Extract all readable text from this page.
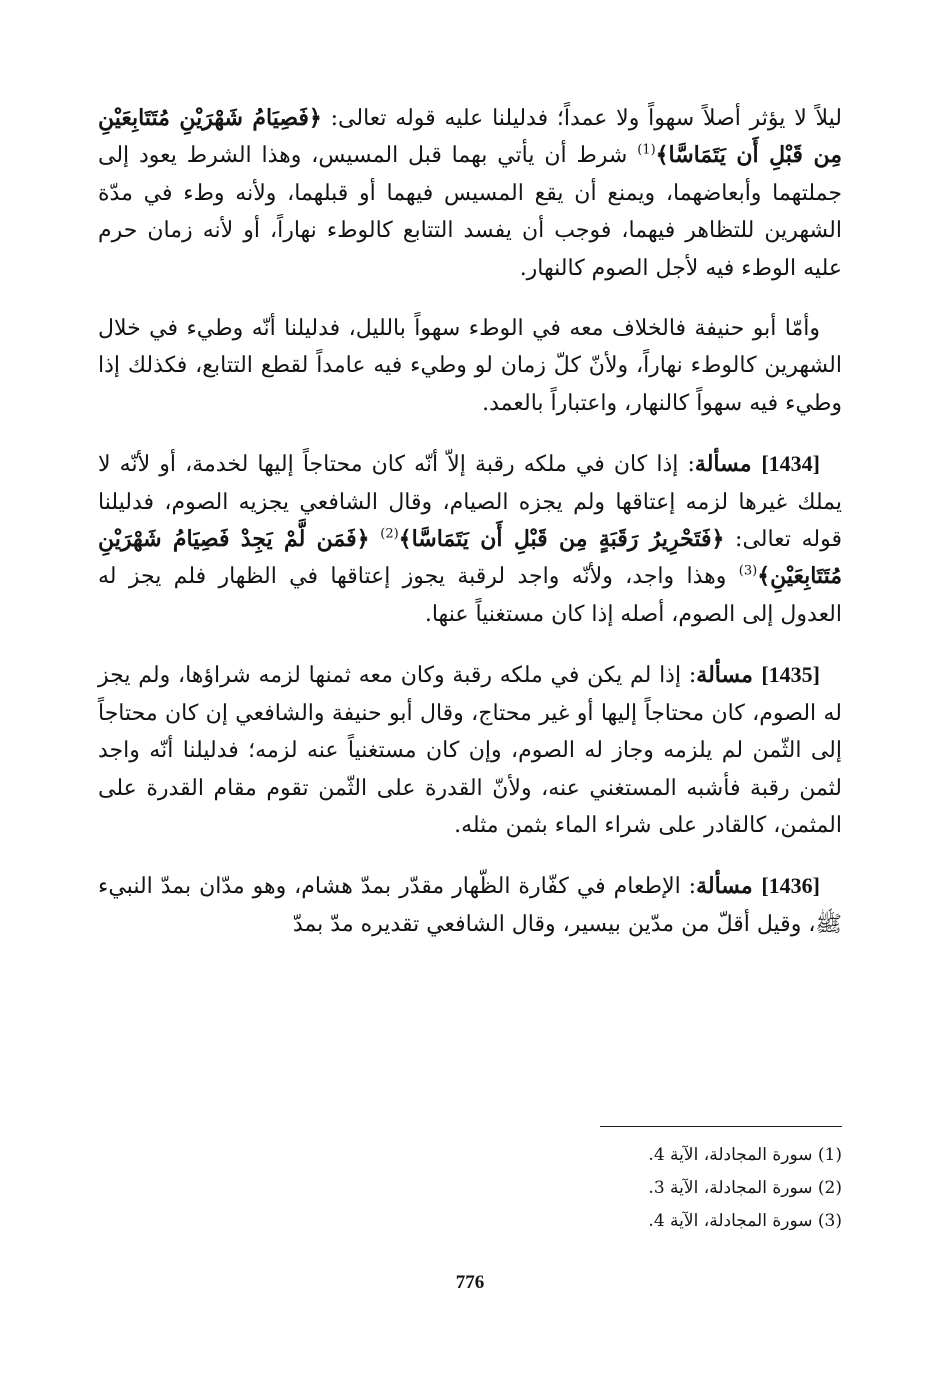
ليلاً لا يؤثر أصلاً سهواً ولا عمداً؛ فدليلنا عليه قوله تعالى: ﴿فَصِيَامُ شَهْرَيْنِ مُتَتَابِعَيْنِ مِن قَبْلِ أَن يَتَمَاسَّا﴾$^{(1)}$ شرط أن يأتي بهما قبل المسيس، وهذا الشرط يعود إلى جملتهما وأبعاضهما، ويمنع أن يقع المسيس فيهما أو قبلهما، ولأنه وطء في مدّة الشهرين للتظاهر فيهما، فوجب أن يفسد التتابع كالوطء نهاراً، أو لأنه زمان حرم عليه الوطء فيه لأجل الصوم كالنهار.

وأمّا أبو حنيفة فالخلاف معه في الوطء سهواً بالليل، فدليلنا أنّه وطيء في خلال الشهرين كالوطء نهاراً، ولأنّ كلّ زمان لو وطيء فيه عامداً لقطع التتابع، فكذلك إذا وطيء فيه سهواً كالنهار، واعتباراً بالعمد.

[1434] مسألة: إذا كان في ملكه رقبة إلاّ أنّه كان محتاجاً إليها لخدمة، أو لأنّه لا يملك غيرها لزمه إعتاقها ولم يجزه الصيام، وقال الشافعي يجزيه الصوم، فدليلنا قوله تعالى: ﴿فَتَحْرِيرُ رَقَبَةٍ مِن قَبْلِ أَن يَتَمَاسَّا﴾$^{(2)}$ ﴿فَمَن لَّمْ يَجِدْ فَصِيَامُ شَهْرَيْنِ مُتَتَابِعَيْنِ﴾$^{(3)}$ وهذا واجد، ولأنّه واجد لرقبة يجوز إعتاقها في الظهار فلم يجز له العدول إلى الصوم، أصله إذا كان مستغنياً عنها.

[1435] مسألة: إذا لم يكن في ملكه رقبة وكان معه ثمنها لزمه شراؤها، ولم يجز له الصوم، كان محتاجاً إليها أو غير محتاج، وقال أبو حنيفة والشافعي إن كان محتاجاً إلى الثّمن لم يلزمه وجاز له الصوم، وإن كان مستغنياً عنه لزمه؛ فدليلنا أنّه واجد لثمن رقبة فأشبه المستغني عنه، ولأنّ القدرة على الثّمن تقوم مقام القدرة على المثمن، كالقادر على شراء الماء بثمن مثله.

[1436] مسألة: الإطعام في كفّارة الظّهار مقدّر بمدّ هشام، وهو مدّان بمدّ النبيء ﷺ، وقيل أقلّ من مدّين بيسير، وقال الشافعي تقديره مدّ بمدّ

(1) سورة المجادلة، الآية 4.
(2) سورة المجادلة، الآية 3.
(3) سورة المجادلة، الآية 4.
776
